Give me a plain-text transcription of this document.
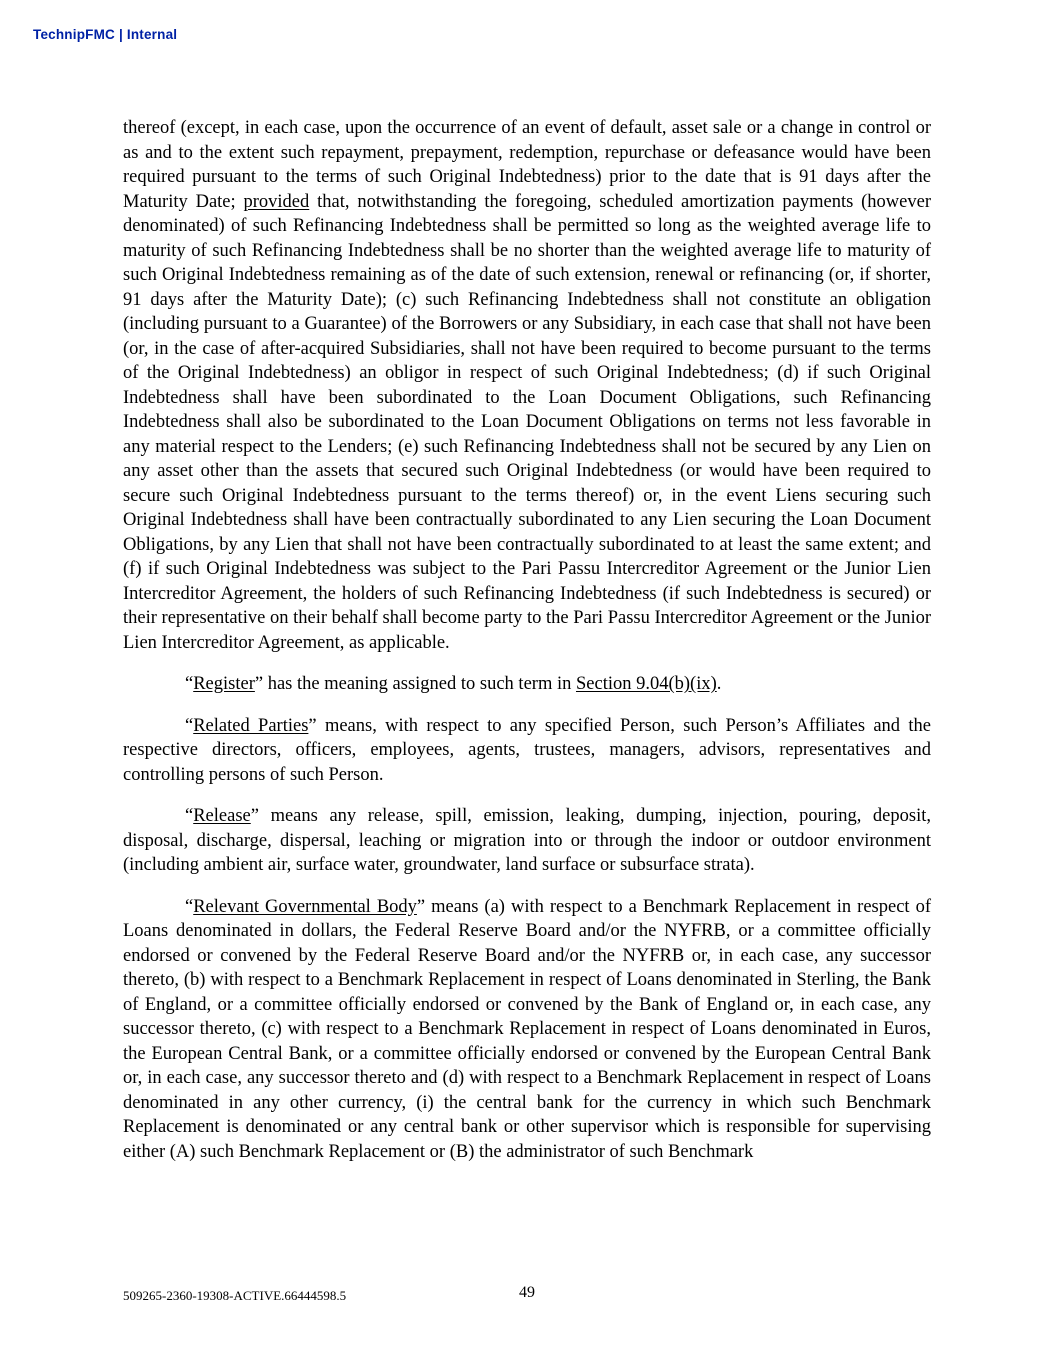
TechnipFMC | Internal

thereof (except, in each case, upon the occurrence of an event of default, asset sale or a change in control or as and to the extent such repayment, prepayment, redemption, repurchase or defeasance would have been required pursuant to the terms of such Original Indebtedness) prior to the date that is 91 days after the Maturity Date; provided that, notwithstanding the foregoing, scheduled amortization payments (however denominated) of such Refinancing Indebtedness shall be permitted so long as the weighted average life to maturity of such Refinancing Indebtedness shall be no shorter than the weighted average life to maturity of such Original Indebtedness remaining as of the date of such extension, renewal or refinancing (or, if shorter, 91 days after the Maturity Date); (c) such Refinancing Indebtedness shall not constitute an obligation (including pursuant to a Guarantee) of the Borrowers or any Subsidiary, in each case that shall not have been (or, in the case of after-acquired Subsidiaries, shall not have been required to become pursuant to the terms of the Original Indebtedness) an obligor in respect of such Original Indebtedness; (d) if such Original Indebtedness shall have been subordinated to the Loan Document Obligations, such Refinancing Indebtedness shall also be subordinated to the Loan Document Obligations on terms not less favorable in any material respect to the Lenders; (e) such Refinancing Indebtedness shall not be secured by any Lien on any asset other than the assets that secured such Original Indebtedness (or would have been required to secure such Original Indebtedness pursuant to the terms thereof) or, in the event Liens securing such Original Indebtedness shall have been contractually subordinated to any Lien securing the Loan Document Obligations, by any Lien that shall not have been contractually subordinated to at least the same extent; and (f) if such Original Indebtedness was subject to the Pari Passu Intercreditor Agreement or the Junior Lien Intercreditor Agreement, the holders of such Refinancing Indebtedness (if such Indebtedness is secured) or their representative on their behalf shall become party to the Pari Passu Intercreditor Agreement or the Junior Lien Intercreditor Agreement, as applicable.

“Register” has the meaning assigned to such term in Section 9.04(b)(ix).

“Related Parties” means, with respect to any specified Person, such Person’s Affiliates and the respective directors, officers, employees, agents, trustees, managers, advisors, representatives and controlling persons of such Person.

“Release” means any release, spill, emission, leaking, dumping, injection, pouring, deposit, disposal, discharge, dispersal, leaching or migration into or through the indoor or outdoor environment (including ambient air, surface water, groundwater, land surface or subsurface strata).

“Relevant Governmental Body” means (a) with respect to a Benchmark Replacement in respect of Loans denominated in dollars, the Federal Reserve Board and/or the NYFRB, or a committee officially endorsed or convened by the Federal Reserve Board and/or the NYFRB or, in each case, any successor thereto, (b) with respect to a Benchmark Replacement in respect of Loans denominated in Sterling, the Bank of England, or a committee officially endorsed or convened by the Bank of England or, in each case, any successor thereto, (c) with respect to a Benchmark Replacement in respect of Loans denominated in Euros, the European Central Bank, or a committee officially endorsed or convened by the European Central Bank or, in each case, any successor thereto and (d) with respect to a Benchmark Replacement in respect of Loans denominated in any other currency, (i) the central bank for the currency in which such Benchmark Replacement is denominated or any central bank or other supervisor which is responsible for supervising either (A) such Benchmark Replacement or (B) the administrator of such Benchmark

509265-2360-19308-ACTIVE.66444598.5	49
